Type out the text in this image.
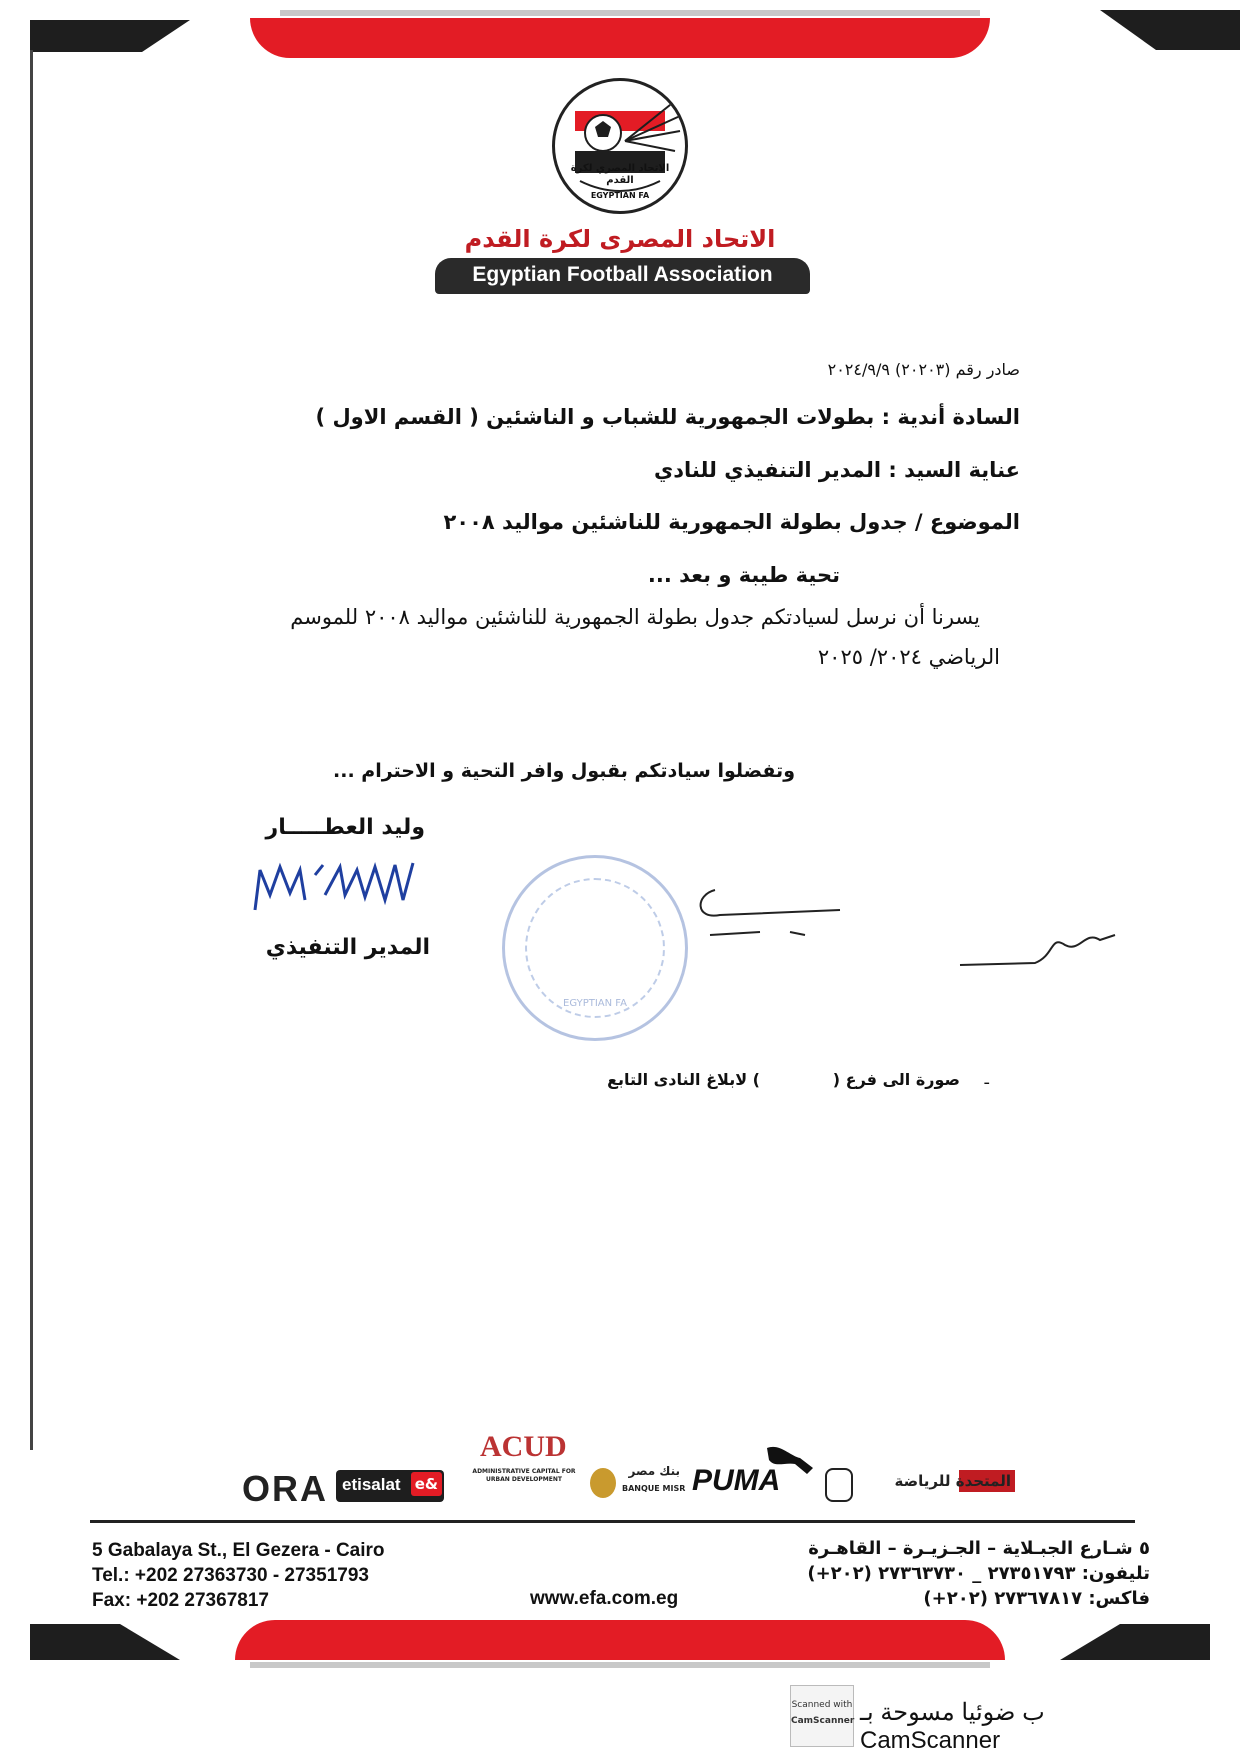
الاتحاد المصري لكرة القدم
EGYPTIAN FA
الاتحاد المصرى لكرة القدم
Egyptian Football Association
صادر رقم (٢٠٢٠٣) ٢٠٢٤/٩/٩
السادة أندية : بطولات الجمهورية للشباب و الناشئين ( القسم الاول )
عناية السيد : المدير التنفيذي للنادي
الموضوع / جدول بطولة الجمهورية للناشئين مواليد ٢٠٠٨
تحية طيبة و بعد ...
يسرنا أن نرسل لسيادتكم جدول بطولة الجمهورية للناشئين مواليد ٢٠٠٨ للموسم
الرياضي ٢٠٢٤/ ٢٠٢٥
وتفضلوا سيادتكم بقبول وافر التحية و الاحترام ...
وليد العطـــــار
المدير التنفيذي
EGYPTIAN FA
-
صورة الى فرع (
) لابلاغ النادى التابع
ORA etisalat e&
ACUD
ADMINISTRATIVE CAPITAL FOR URBAN DEVELOPMENT
بنك مصر
BANQUE MISR PUMA	المتحدة للرياضة
5 Gabalaya St., El Gezera - Cairo
Tel.: +202 27363730 - 27351793
Fax: +202 27367817	www.efa.com.eg
٥ شـارع الجبـلاية – الجـزيـرة – القاهـرة
تليفون: ٢٧٣٥١٧٩٣ _ ٢٧٣٦٣٧٣٠ (٢٠٢+)
فاكس: ٢٧٣٦٧٨١٧ (٢٠٢+)
Scanned with
CamScanner ب ضوئيا مسوحة بـ CamScanner
